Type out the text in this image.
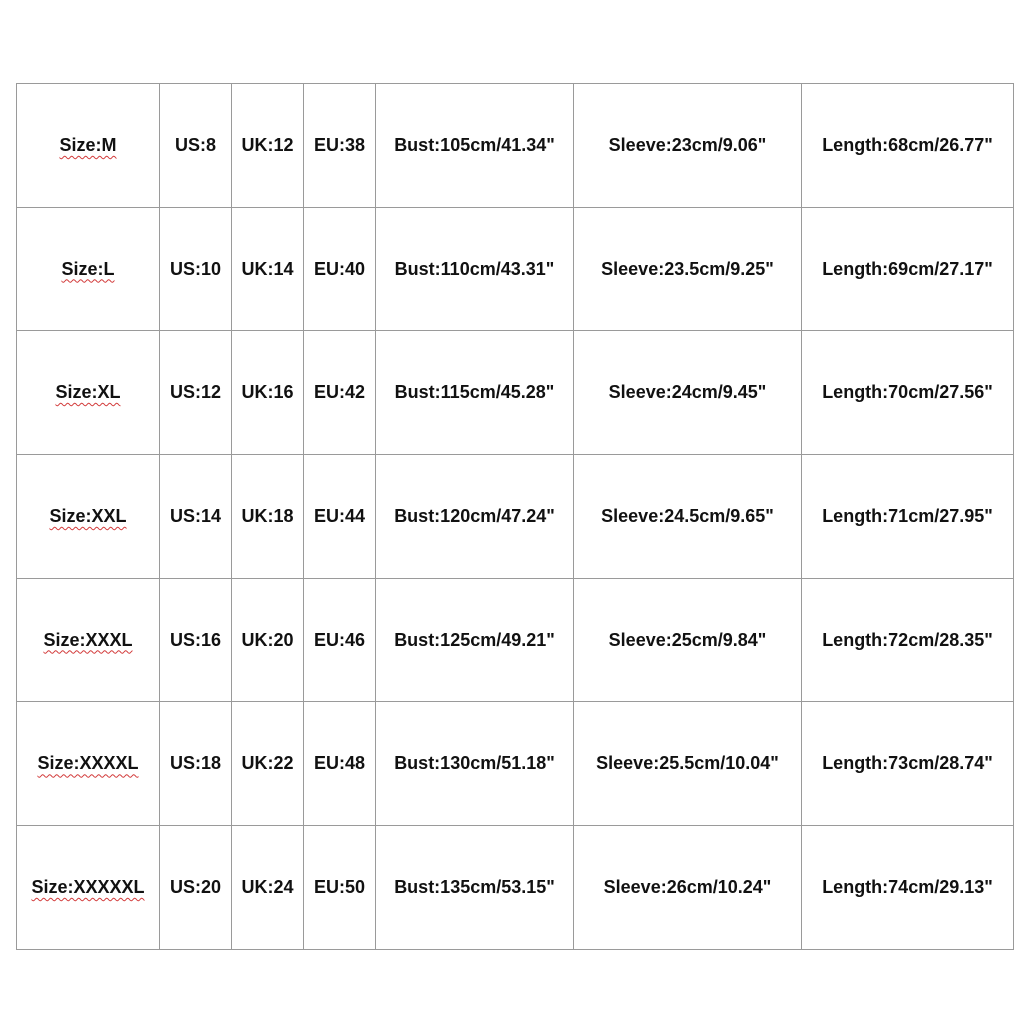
Size:M	US:8	UK:12	EU:38	Bust:105cm/41.34"	Sleeve:23cm/9.06"	Length:68cm/26.77"
Size:L	US:10	UK:14	EU:40	Bust:110cm/43.31"	Sleeve:23.5cm/9.25"	Length:69cm/27.17"
Size:XL	US:12	UK:16	EU:42	Bust:115cm/45.28"	Sleeve:24cm/9.45"	Length:70cm/27.56"
Size:XXL	US:14	UK:18	EU:44	Bust:120cm/47.24"	Sleeve:24.5cm/9.65"	Length:71cm/27.95"
Size:XXXL	US:16	UK:20	EU:46	Bust:125cm/49.21"	Sleeve:25cm/9.84"	Length:72cm/28.35"
Size:XXXXL	US:18	UK:22	EU:48	Bust:130cm/51.18"	Sleeve:25.5cm/10.04"	Length:73cm/28.74"
Size:XXXXXL	US:20	UK:24	EU:50	Bust:135cm/53.15"	Sleeve:26cm/10.24"	Length:74cm/29.13"
